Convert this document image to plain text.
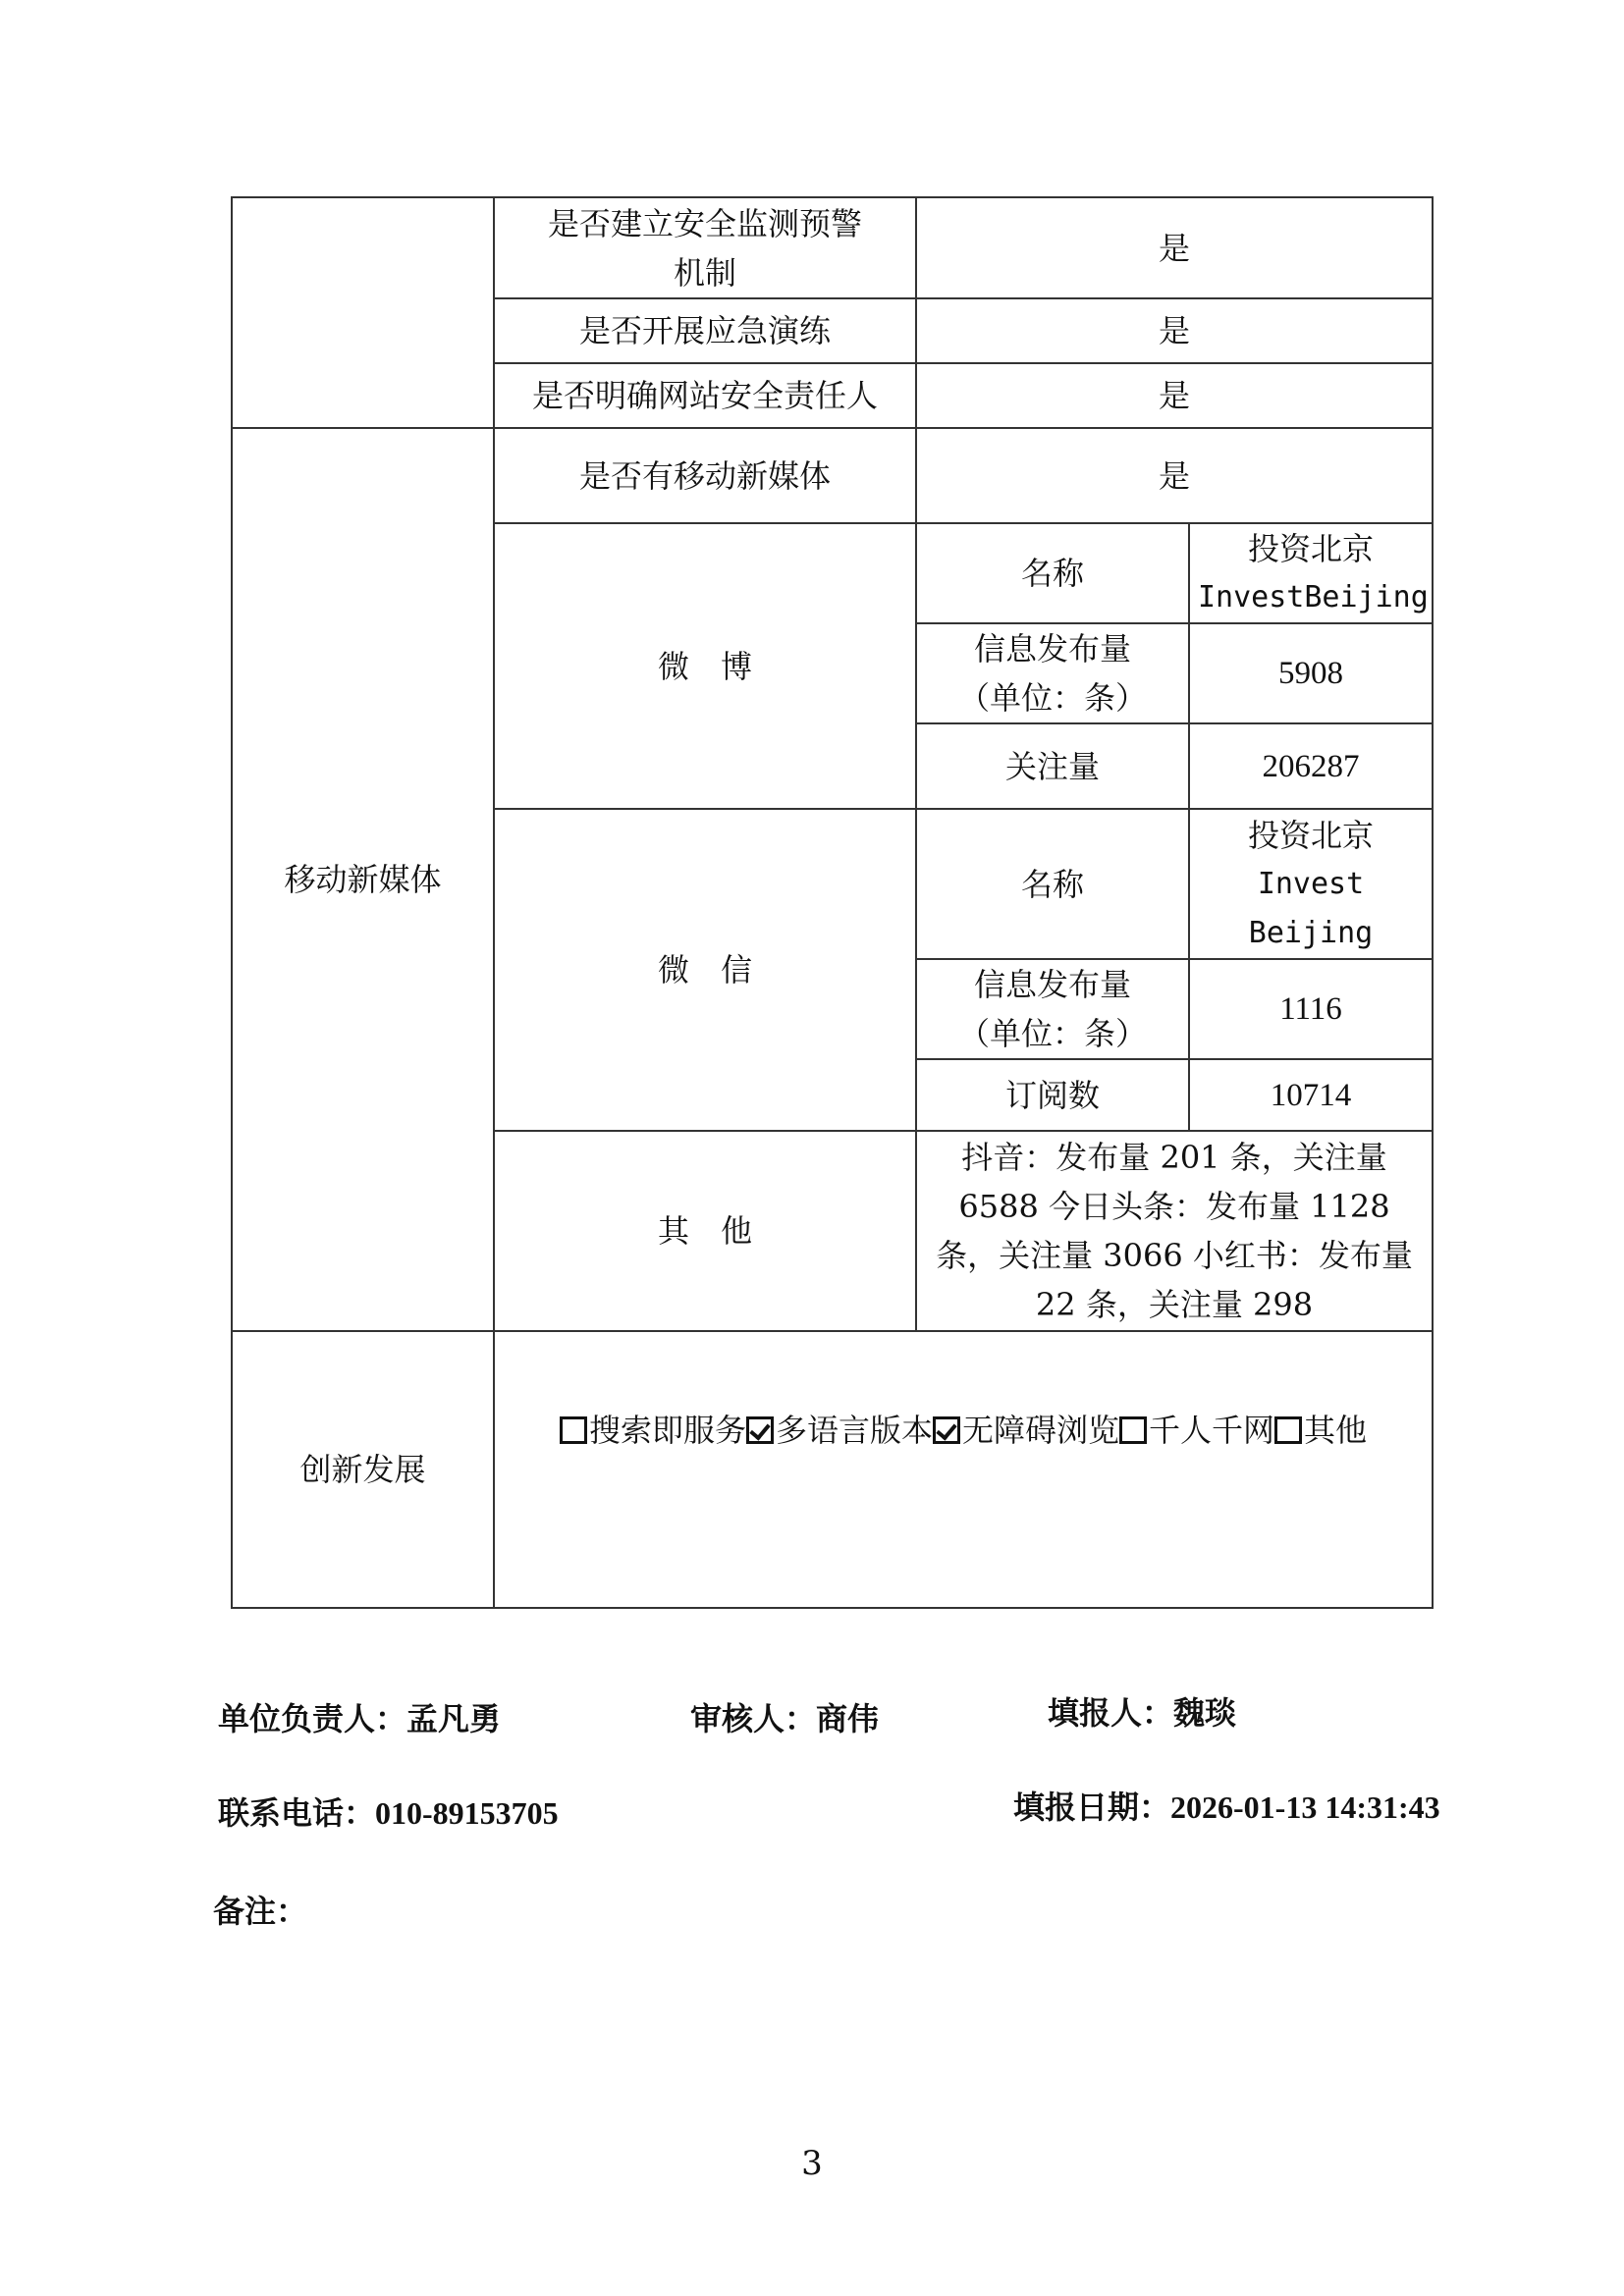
	是否建立安全监测预警
机制	是	
	是否开展应急演练	是	
	是否明确网站安全责任人	是	
移动新媒体	是否有移动新媒体	是	
	微　博	名称	投资北京
InvestBeijing

		信息发布量
（单位：条）	5908
		关注量	206287
	微　信	名称	投资北京
Invest
Beijing

		信息发布量
（单位：条）	1116
		订阅数	10714
	其　他	抖音：发布量 201 条，关注量
6588 今日头条：发布量 1128
条，关注量 3066 小红书：发布量
22 条，关注量 298	

创新发展	搜索即服务 多语言版本 无障碍浏览 千人千网 其他		
单位负责人：孟凡勇	审核人：商伟	填报人：魏琰
联系电话：010-89153705	填报日期：2026-01-13 14:31:43
备注：
3
